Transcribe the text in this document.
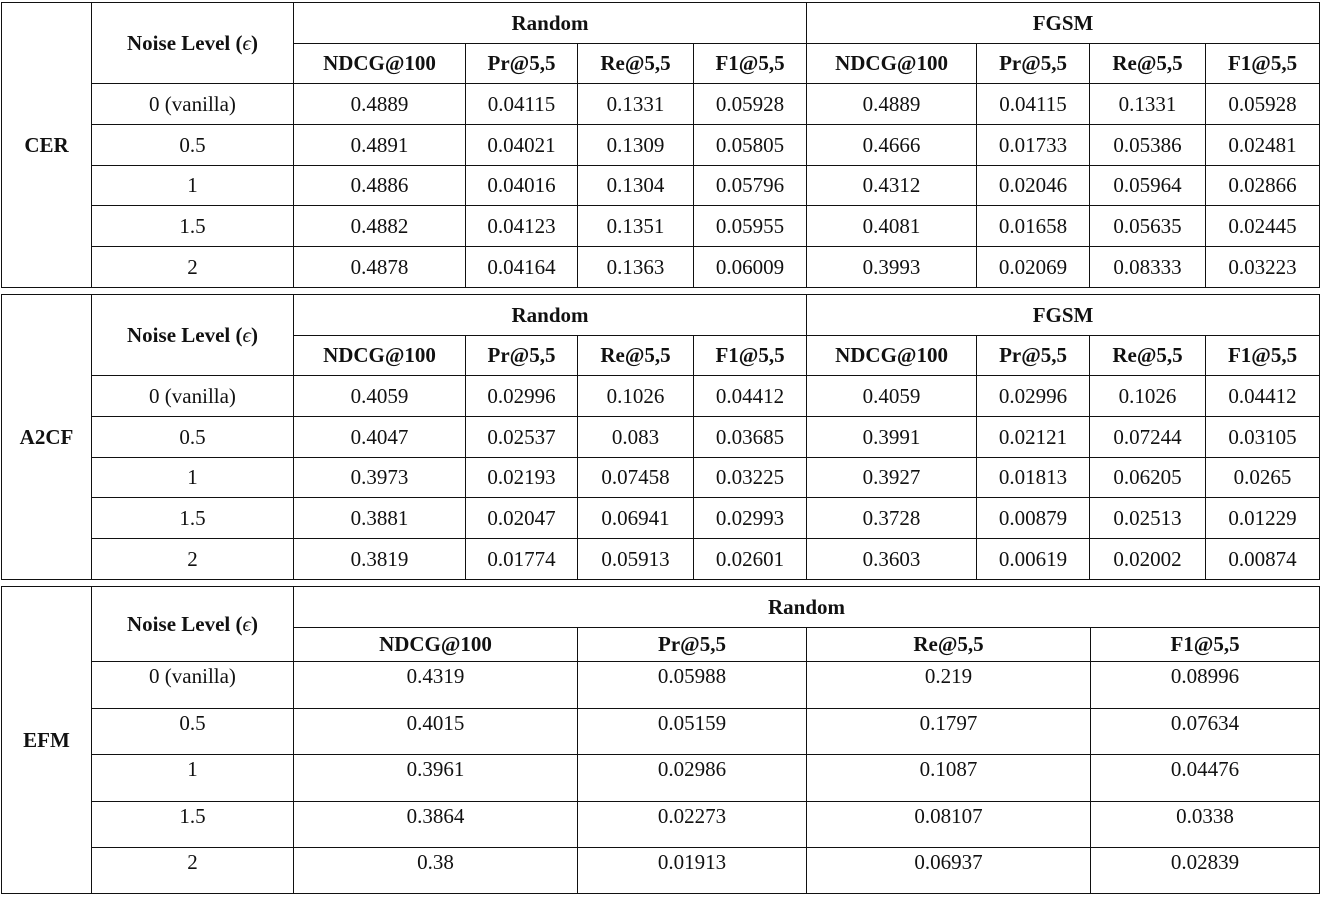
CER	Noise Level (ϵ)	Random				FGSM			
		NDCG@100	Pr@5,5	Re@5,5	F1@5,5	NDCG@100	Pr@5,5	Re@5,5	F1@5,5
	0 (vanilla)	0.4889	0.04115	0.1331	0.05928	0.4889	0.04115	0.1331	0.05928
	0.5	0.4891	0.04021	0.1309	0.05805	0.4666	0.01733	0.05386	0.02481
	1	0.4886	0.04016	0.1304	0.05796	0.4312	0.02046	0.05964	0.02866
	1.5	0.4882	0.04123	0.1351	0.05955	0.4081	0.01658	0.05635	0.02445
	2	0.4878	0.04164	0.1363	0.06009	0.3993	0.02069	0.08333	0.03223
A2CF	Noise Level (ϵ)	Random				FGSM			
		NDCG@100	Pr@5,5	Re@5,5	F1@5,5	NDCG@100	Pr@5,5	Re@5,5	F1@5,5
	0 (vanilla)	0.4059	0.02996	0.1026	0.04412	0.4059	0.02996	0.1026	0.04412
	0.5	0.4047	0.02537	0.083	0.03685	0.3991	0.02121	0.07244	0.03105
	1	0.3973	0.02193	0.07458	0.03225	0.3927	0.01813	0.06205	0.0265
	1.5	0.3881	0.02047	0.06941	0.02993	0.3728	0.00879	0.02513	0.01229
	2	0.3819	0.01774	0.05913	0.02601	0.3603	0.00619	0.02002	0.00874
EFM	Noise Level (ϵ)	Random			
		NDCG@100	Pr@5,5	Re@5,5	F1@5,5
	0 (vanilla)	0.4319	0.05988	0.219	0.08996
	0.5	0.4015	0.05159	0.1797	0.07634
	1	0.3961	0.02986	0.1087	0.04476
	1.5	0.3864	0.02273	0.08107	0.0338
	2	0.38	0.01913	0.06937	0.02839
